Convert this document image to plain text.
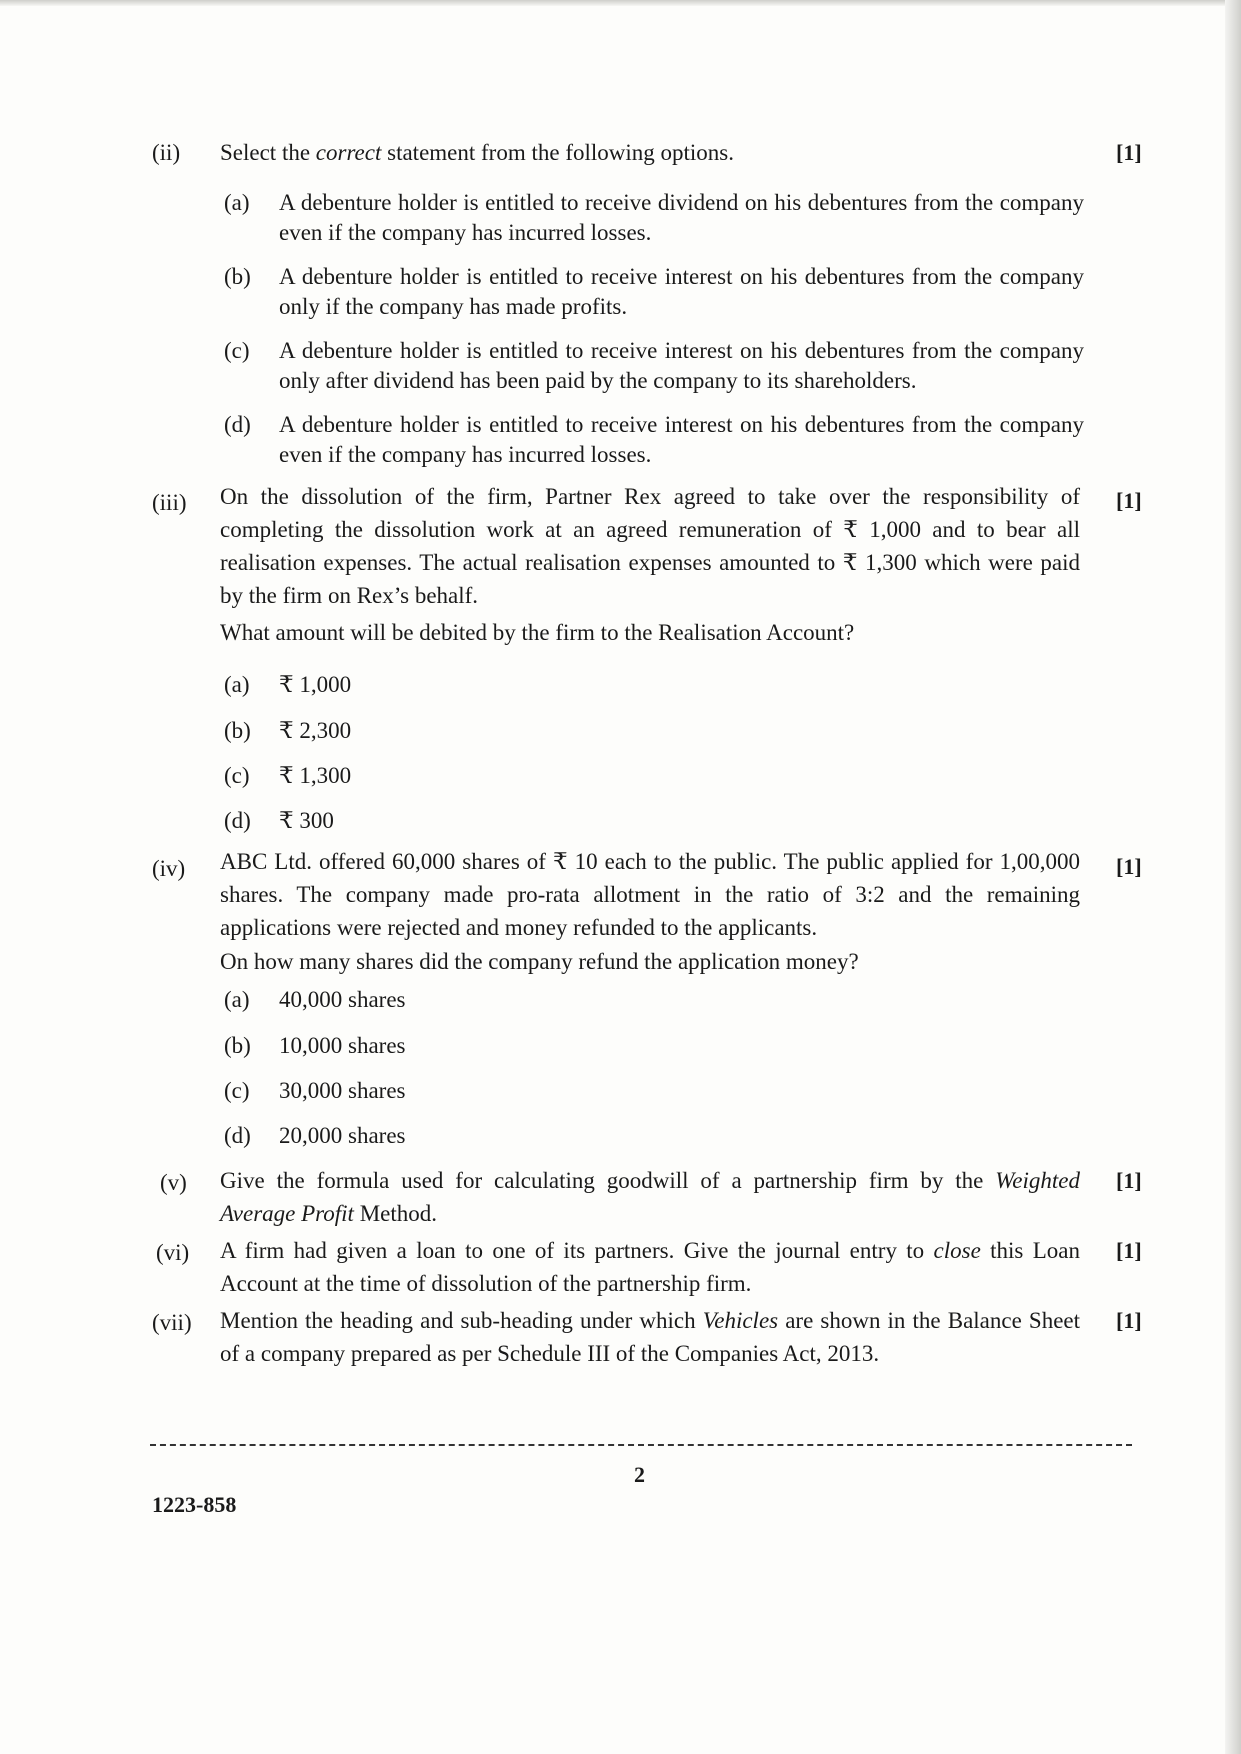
(ii) Select the correct statement from the following options.	[1]
(a) A debenture holder is entitled to receive dividend on his debentures from the company even if the company has incurred losses.
(b) A debenture holder is entitled to receive interest on his debentures from the company only if the company has made profits.
(c) A debenture holder is entitled to receive interest on his debentures from the company only after dividend has been paid by the company to its shareholders.
(d) A debenture holder is entitled to receive interest on his debentures from the company even if the company has incurred losses.
(iii) On the dissolution of the firm, Partner Rex agreed to take over the responsibility of completing the dissolution work at an agreed remuneration of ₹ 1,000 and to bear all realisation expenses. The actual realisation expenses amounted to ₹ 1,300 which were paid by the firm on Rex’s behalf.
[1]
What amount will be debited by the firm to the Realisation Account?
(a) ₹ 1,000
(b) ₹ 2,300
(c) ₹ 1,300
(d) ₹ 300
(iv) ABC Ltd. offered 60,000 shares of ₹ 10 each to the public. The public applied for 1,00,000 shares. The company made pro-rata allotment in the ratio of 3:2 and the remaining applications were rejected and money refunded to the applicants.
[1]
On how many shares did the company refund the application money?
(a) 40,000 shares
(b) 10,000 shares
(c) 30,000 shares
(d) 20,000 shares
(v) Give the formula used for calculating goodwill of a partnership firm by the Weighted Average Profit Method.
[1]
(vi) A firm had given a loan to one of its partners. Give the journal entry to close this Loan Account at the time of dissolution of the partnership firm.
[1]
(vii) Mention the heading and sub-heading under which Vehicles are shown in the Balance Sheet of a company prepared as per Schedule III of the Companies Act, 2013.
[1]
2
1223-858
